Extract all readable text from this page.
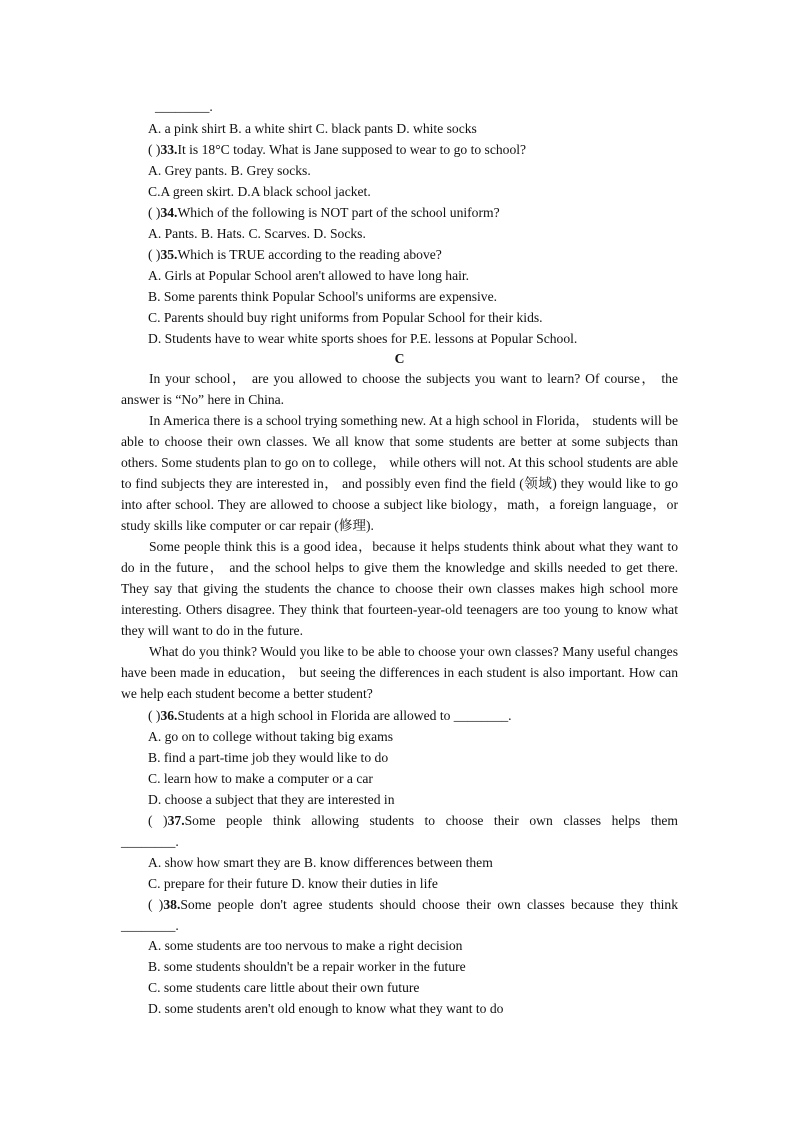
________.
A. a pink shirt B. a white shirt C. black pants D. white socks
( )33.It is 18°C today. What is Jane supposed to wear to go to school?
A. Grey pants. B. Grey socks.
C.A green skirt. D.A black school jacket.
( )34.Which of the following is NOT part of the school uniform?
A. Pants. B. Hats. C. Scarves. D. Socks.
( )35.Which is TRUE according to the reading above?
A. Girls at Popular School aren't allowed to have long hair.
B. Some parents think Popular School's uniforms are expensive.
C. Parents should buy right uniforms from Popular School for their kids.
D. Students have to wear white sports shoes for P.E. lessons at Popular School.
C
In your school， are you allowed to choose the subjects you want to learn? Of course， the answer is “No” here in China.
In America there is a school trying something new. At a high school in Florida， students will be able to choose their own classes. We all know that some students are better at some subjects than others. Some students plan to go on to college， while others will not. At this school students are able to find subjects they are interested in， and possibly even find the field (领域) they would like to go into after school. They are allowed to choose a subject like biology，math，a foreign language，or study skills like computer or car repair (修理).
Some people think this is a good idea，because it helps students think about what they want to do in the future， and the school helps to give them the knowledge and skills needed to get there. They say that giving the students the chance to choose their own classes makes high school more interesting. Others disagree. They think that fourteen-year-old teenagers are too young to know what they will want to do in the future.
What do you think? Would you like to be able to choose your own classes? Many useful changes have been made in education， but seeing the differences in each student is also important. How can we help each student become a better student?
( )36.Students at a high school in Florida are allowed to ________.
A. go on to college without taking big exams
B. find a part-time job they would like to do
C. learn how to make a computer or a car
D. choose a subject that they are interested in
( )37.Some people think allowing students to choose their own classes helps them
________.
A. show how smart they are B. know differences between them
C. prepare for their future D. know their duties in life
( )38.Some people don't agree students should choose their own classes because they think
________.
A. some students are too nervous to make a right decision
B. some students shouldn't be a repair worker in the future
C. some students care little about their own future
D. some students aren't old enough to know what they want to do
